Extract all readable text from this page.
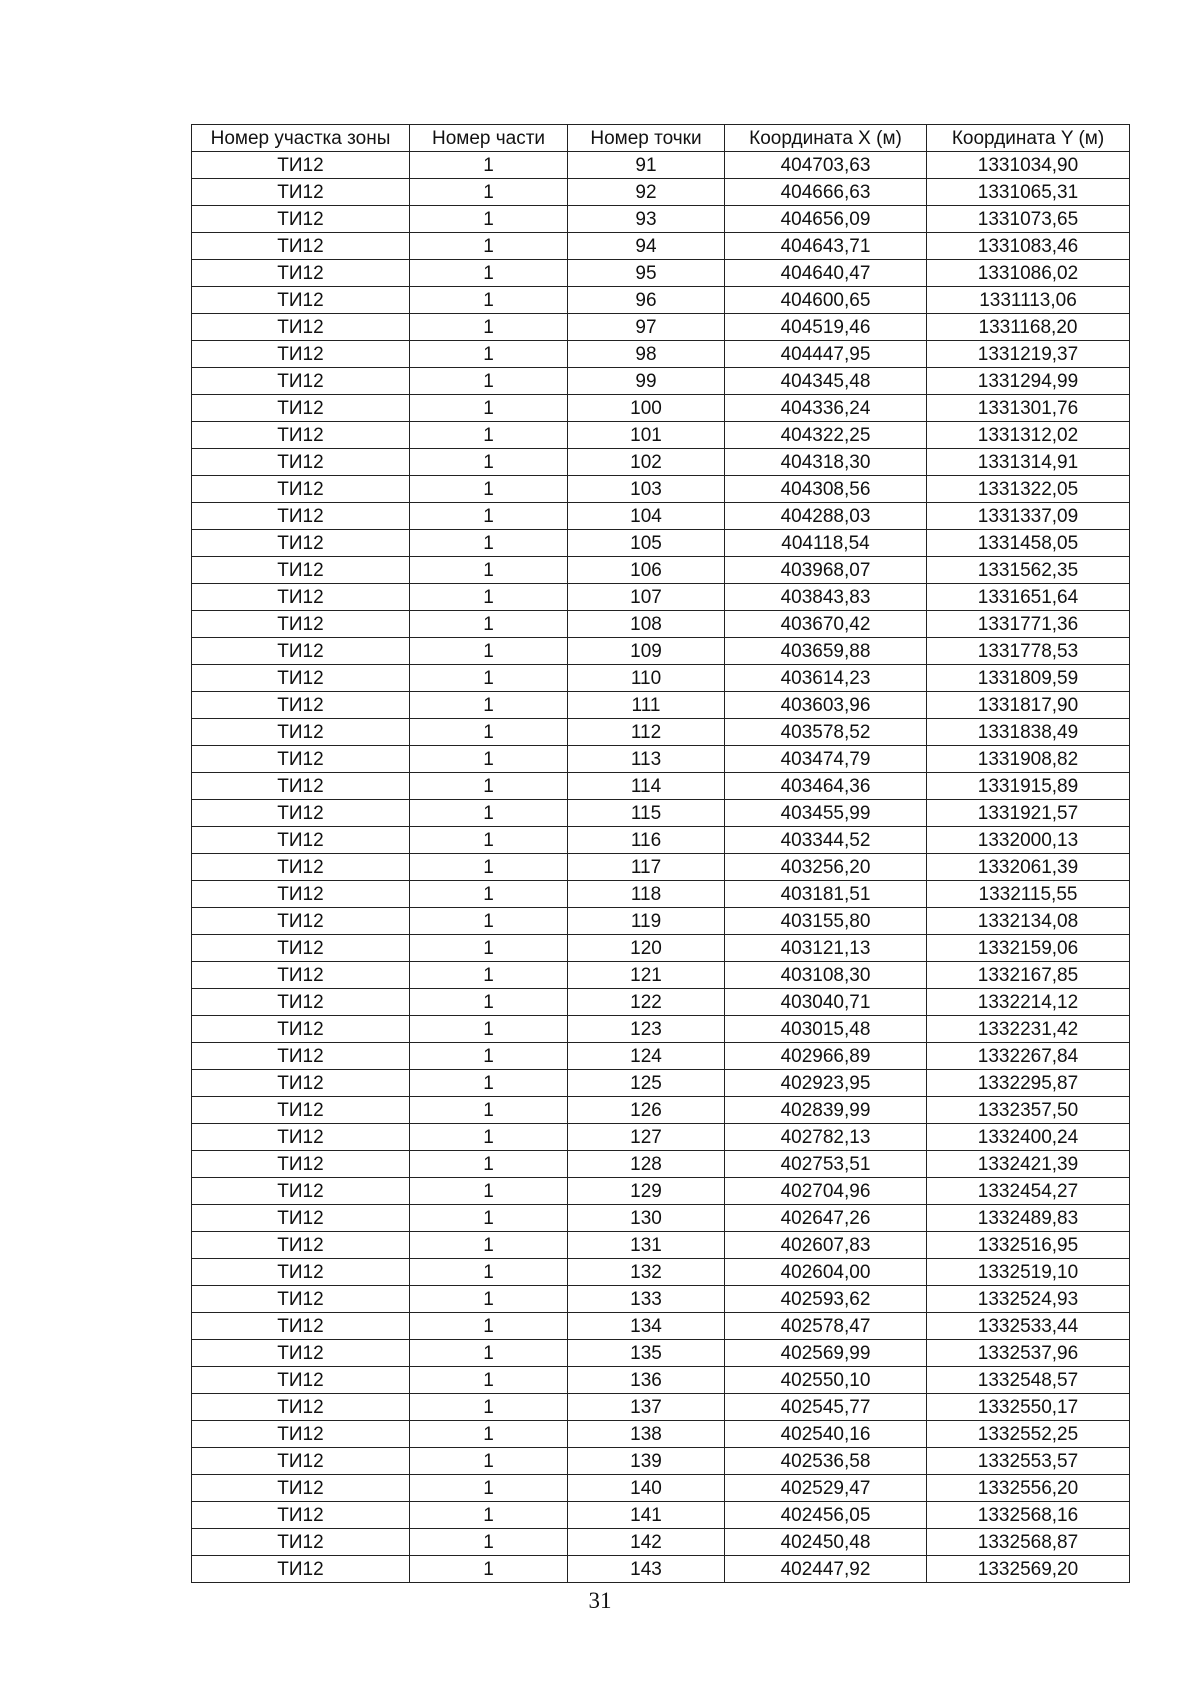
Номер участка зоны	Номер части	Номер точки	Координата X (м)	Координата Y (м)
ТИ12	1	91	404703,63	1331034,90
ТИ12	1	92	404666,63	1331065,31
ТИ12	1	93	404656,09	1331073,65
ТИ12	1	94	404643,71	1331083,46
ТИ12	1	95	404640,47	1331086,02
ТИ12	1	96	404600,65	1331113,06
ТИ12	1	97	404519,46	1331168,20
ТИ12	1	98	404447,95	1331219,37
ТИ12	1	99	404345,48	1331294,99
ТИ12	1	100	404336,24	1331301,76
ТИ12	1	101	404322,25	1331312,02
ТИ12	1	102	404318,30	1331314,91
ТИ12	1	103	404308,56	1331322,05
ТИ12	1	104	404288,03	1331337,09
ТИ12	1	105	404118,54	1331458,05
ТИ12	1	106	403968,07	1331562,35
ТИ12	1	107	403843,83	1331651,64
ТИ12	1	108	403670,42	1331771,36
ТИ12	1	109	403659,88	1331778,53
ТИ12	1	110	403614,23	1331809,59
ТИ12	1	111	403603,96	1331817,90
ТИ12	1	112	403578,52	1331838,49
ТИ12	1	113	403474,79	1331908,82
ТИ12	1	114	403464,36	1331915,89
ТИ12	1	115	403455,99	1331921,57
ТИ12	1	116	403344,52	1332000,13
ТИ12	1	117	403256,20	1332061,39
ТИ12	1	118	403181,51	1332115,55
ТИ12	1	119	403155,80	1332134,08
ТИ12	1	120	403121,13	1332159,06
ТИ12	1	121	403108,30	1332167,85
ТИ12	1	122	403040,71	1332214,12
ТИ12	1	123	403015,48	1332231,42
ТИ12	1	124	402966,89	1332267,84
ТИ12	1	125	402923,95	1332295,87
ТИ12	1	126	402839,99	1332357,50
ТИ12	1	127	402782,13	1332400,24
ТИ12	1	128	402753,51	1332421,39
ТИ12	1	129	402704,96	1332454,27
ТИ12	1	130	402647,26	1332489,83
ТИ12	1	131	402607,83	1332516,95
ТИ12	1	132	402604,00	1332519,10
ТИ12	1	133	402593,62	1332524,93
ТИ12	1	134	402578,47	1332533,44
ТИ12	1	135	402569,99	1332537,96
ТИ12	1	136	402550,10	1332548,57
ТИ12	1	137	402545,77	1332550,17
ТИ12	1	138	402540,16	1332552,25
ТИ12	1	139	402536,58	1332553,57
ТИ12	1	140	402529,47	1332556,20
ТИ12	1	141	402456,05	1332568,16
ТИ12	1	142	402450,48	1332568,87
ТИ12	1	143	402447,92	1332569,20
31
